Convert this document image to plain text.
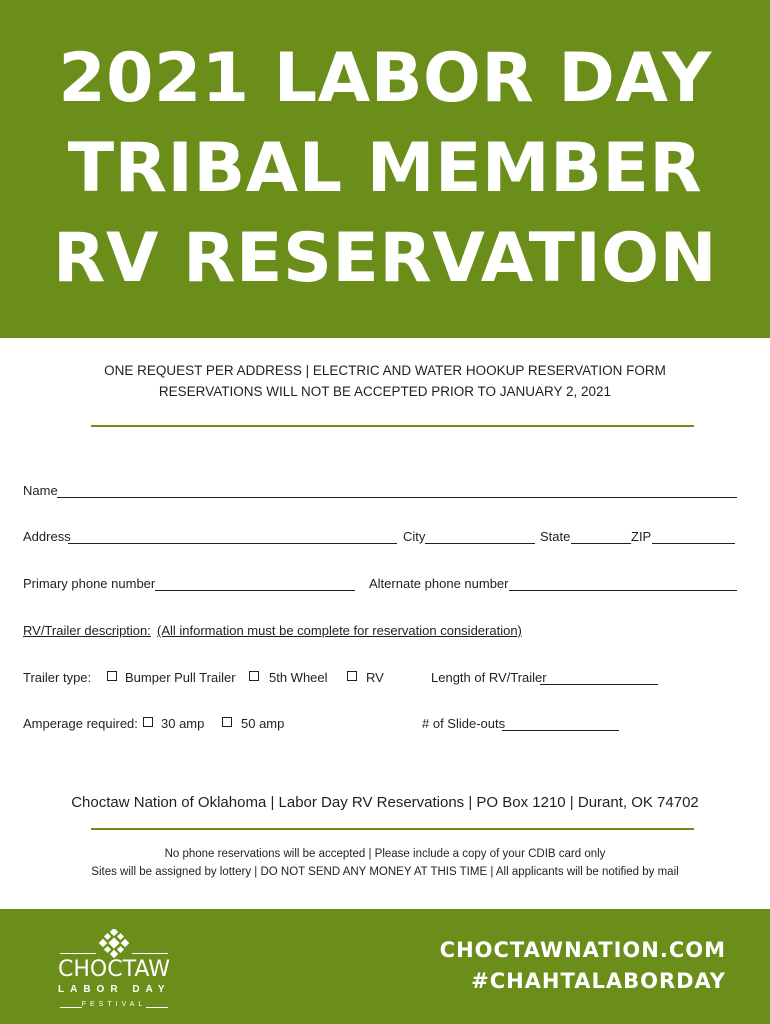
2021 LABOR DAY
TRIBAL MEMBER
RV RESERVATION
ONE REQUEST PER ADDRESS | ELECTRIC AND WATER HOOKUP RESERVATION FORM
RESERVATIONS WILL NOT BE ACCEPTED PRIOR TO JANUARY 2, 2021
Name
Address	City	State	ZIP
Primary phone number	Alternate phone number
RV/Trailer description: (All information must be complete for reservation consideration)
Trailer type:	Bumper Pull Trailer	5th Wheel	RV	Length of RV/Trailer
Amperage required: 30 amp	50 amp	# of Slide-outs
Choctaw Nation of Oklahoma | Labor Day RV Reservations | PO Box 1210 | Durant, OK 74702
No phone reservations will be accepted | Please include a copy of your CDIB card only
Sites will be assigned by lottery | DO NOT SEND ANY MONEY AT THIS TIME | All applicants will be notified by mail
CHOCTAW
LABOR DAY
FESTIVAL
CHOCTAWNATION.COM
#CHAHTALABORDAY
